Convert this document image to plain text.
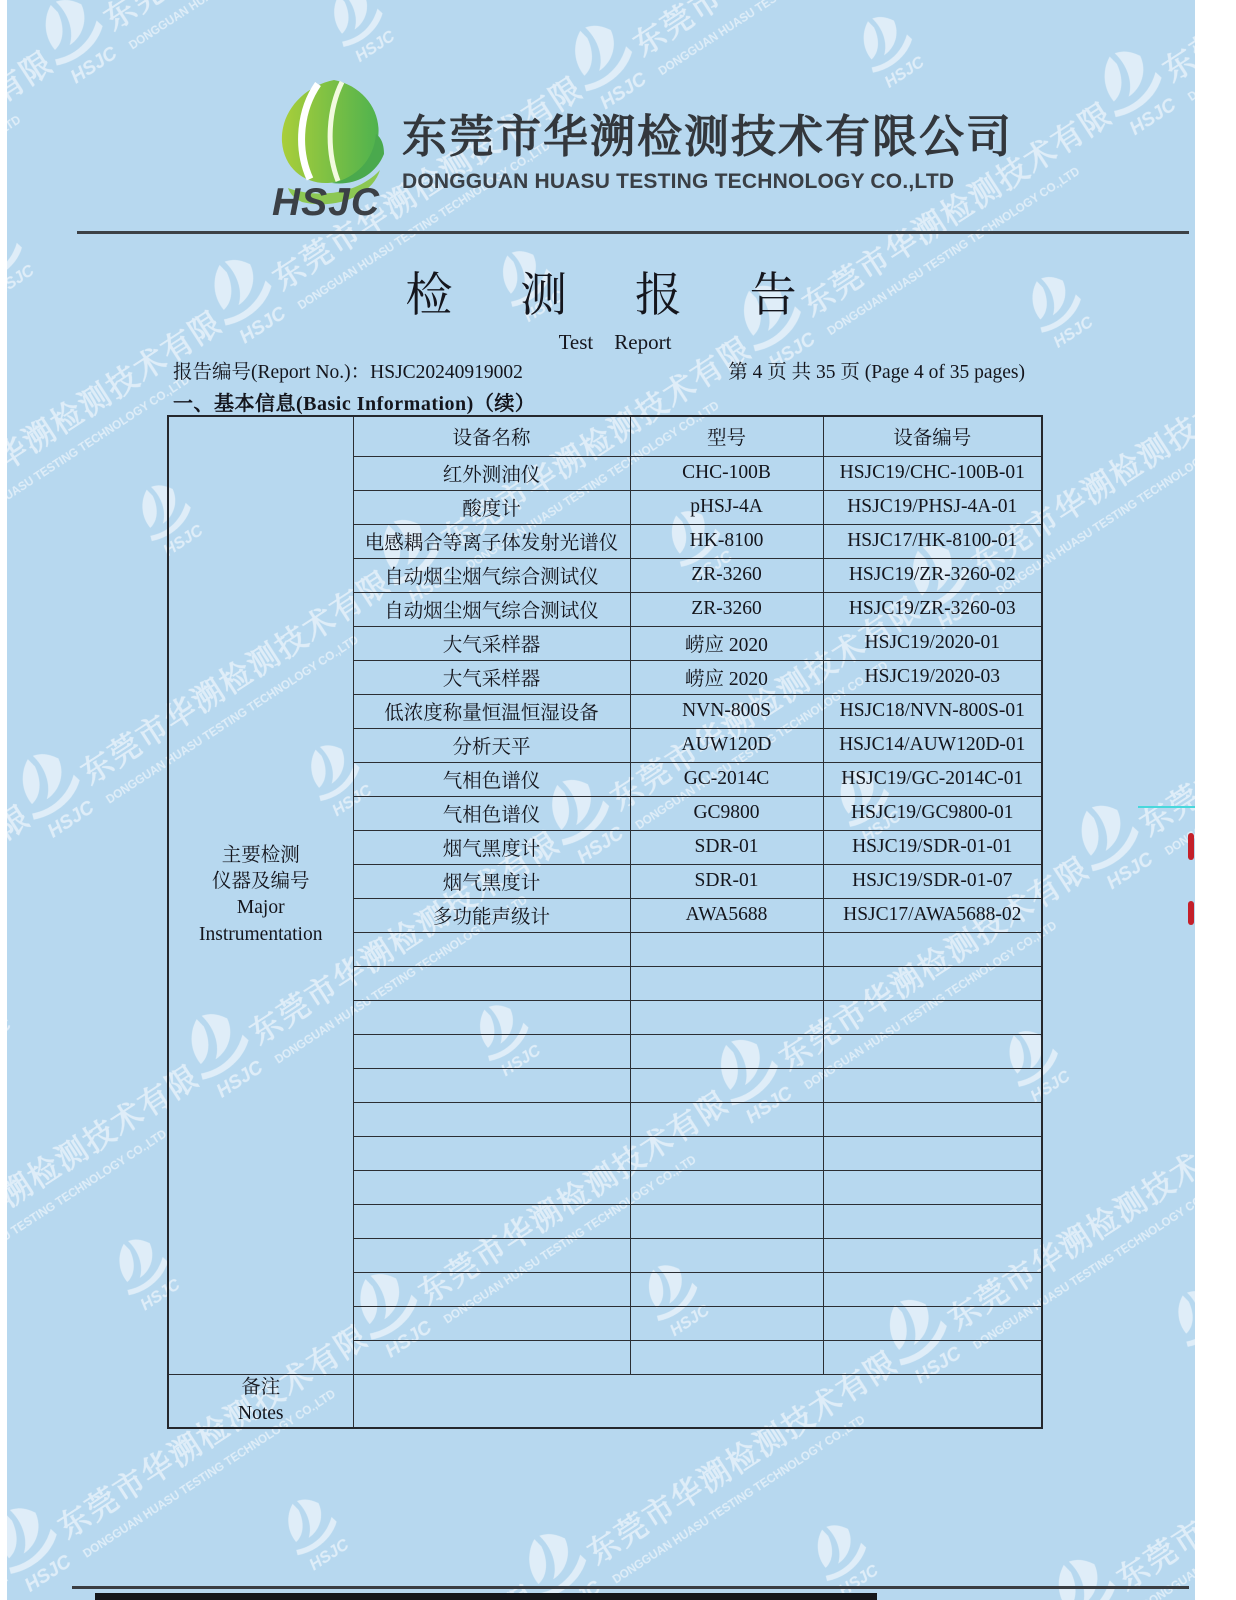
HSJC
东莞市华溯检测技术有限公司
DONGGUAN HUASU TESTING TECHNOLOGY CO.,LTD
检 测 报 告
Test　Report
报告编号(Report No.)：HSJC20240919002	第 4 页 共 35 页 (Page 4 of 35 pages)
一、基本信息(Basic Information)（续）
主要检测
仪器及编号
Major
Instrumentation	设备名称	型号	设备编号
	红外测油仪	CHC-100B	HSJC19/CHC-100B-01
	酸度计	pHSJ-4A	HSJC19/PHSJ-4A-01
	电感耦合等离子体发射光谱仪	HK-8100	HSJC17/HK-8100-01
	自动烟尘烟气综合测试仪	ZR-3260	HSJC19/ZR-3260-02
	自动烟尘烟气综合测试仪	ZR-3260	HSJC19/ZR-3260-03
	大气采样器	崂应 2020	HSJC19/2020-01
	大气采样器	崂应 2020	HSJC19/2020-03
	低浓度称量恒温恒湿设备	NVN-800S	HSJC18/NVN-800S-01
	分析天平	AUW120D	HSJC14/AUW120D-01
	气相色谱仪	GC-2014C	HSJC19/GC-2014C-01
	气相色谱仪	GC9800	HSJC19/GC9800-01
	烟气黑度计	SDR-01	HSJC19/SDR-01-01
	烟气黑度计	SDR-01	HSJC19/SDR-01-07
	多功能声级计	AWA5688	HSJC17/AWA5688-02

备注
Notes			
